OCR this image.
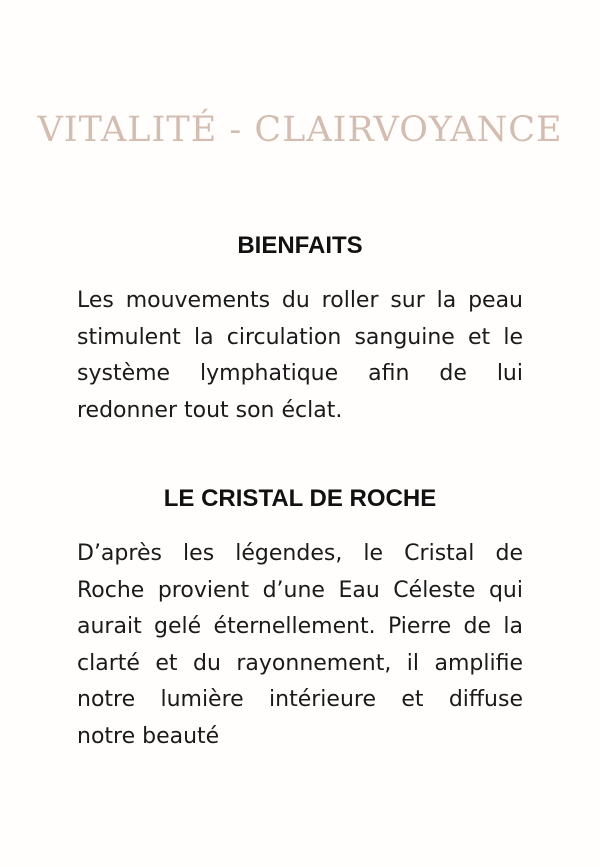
VITALITÉ - CLAIRVOYANCE
BIENFAITS
Les mouvements du roller sur la peau
stimulent la circulation sanguine et le
système lymphatique afin de lui
redonner tout son éclat.
LE CRISTAL DE ROCHE
D’après les légendes, le Cristal de
Roche provient d’une Eau Céleste qui
aurait gelé éternellement. Pierre de la
clarté et du rayonnement, il amplifie
notre lumière intérieure et diffuse
notre beauté
